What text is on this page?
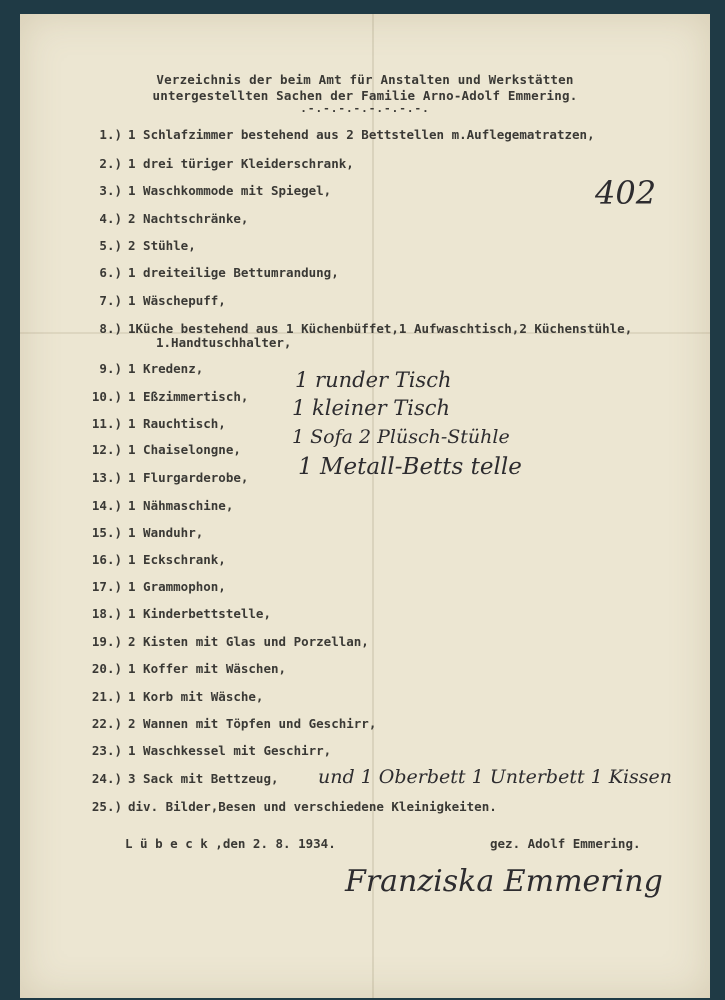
Verzeichnis der beim Amt für Anstalten und Werkstätten
untergestellten Sachen der Familie Arno-Adolf Emmering.
.-.-.-.-.-.-.-.-.
402
1 runder Tisch
1 kleiner Tisch
1 Sofa 2 Plüsch-Stühle
1 Metall-Betts telle
und 1 Oberbett 1 Unterbett 1 Kissen
L ü b e c k ,den 2. 8. 1934.	gez. Adolf Emmering.
Franziska Emmering
1.) 1 Schlafzimmer bestehend aus 2 Bettstellen m.Auflegematratzen,
2.) 1 drei türiger Kleiderschrank,
3.) 1 Waschkommode mit Spiegel,
4.) 2 Nachtschränke,
5.) 2 Stühle,
6.) 1 dreiteilige Bettumrandung,
7.) 1 Wäschepuff,
8.) 1Küche bestehend aus 1 Küchenbüffet,1 Aufwaschtisch,2 Küchenstühle,
1.Handtuschhalter,
9.) 1 Kredenz,
10.) 1 Eßzimmertisch,
11.) 1 Rauchtisch,
12.) 1 Chaiselongne,
13.) 1 Flurgarderobe,
14.) 1 Nähmaschine,
15.) 1 Wanduhr,
16.) 1 Eckschrank,
17.) 1 Grammophon,
18.) 1 Kinderbettstelle,
19.) 2 Kisten mit Glas und Porzellan,
20.) 1 Koffer mit Wäschen,
21.) 1 Korb mit Wäsche,
22.) 2 Wannen mit Töpfen und Geschirr,
23.) 1 Waschkessel mit Geschirr,
24.) 3 Sack mit Bettzeug,
25.) div. Bilder,Besen und verschiedene Kleinigkeiten.
